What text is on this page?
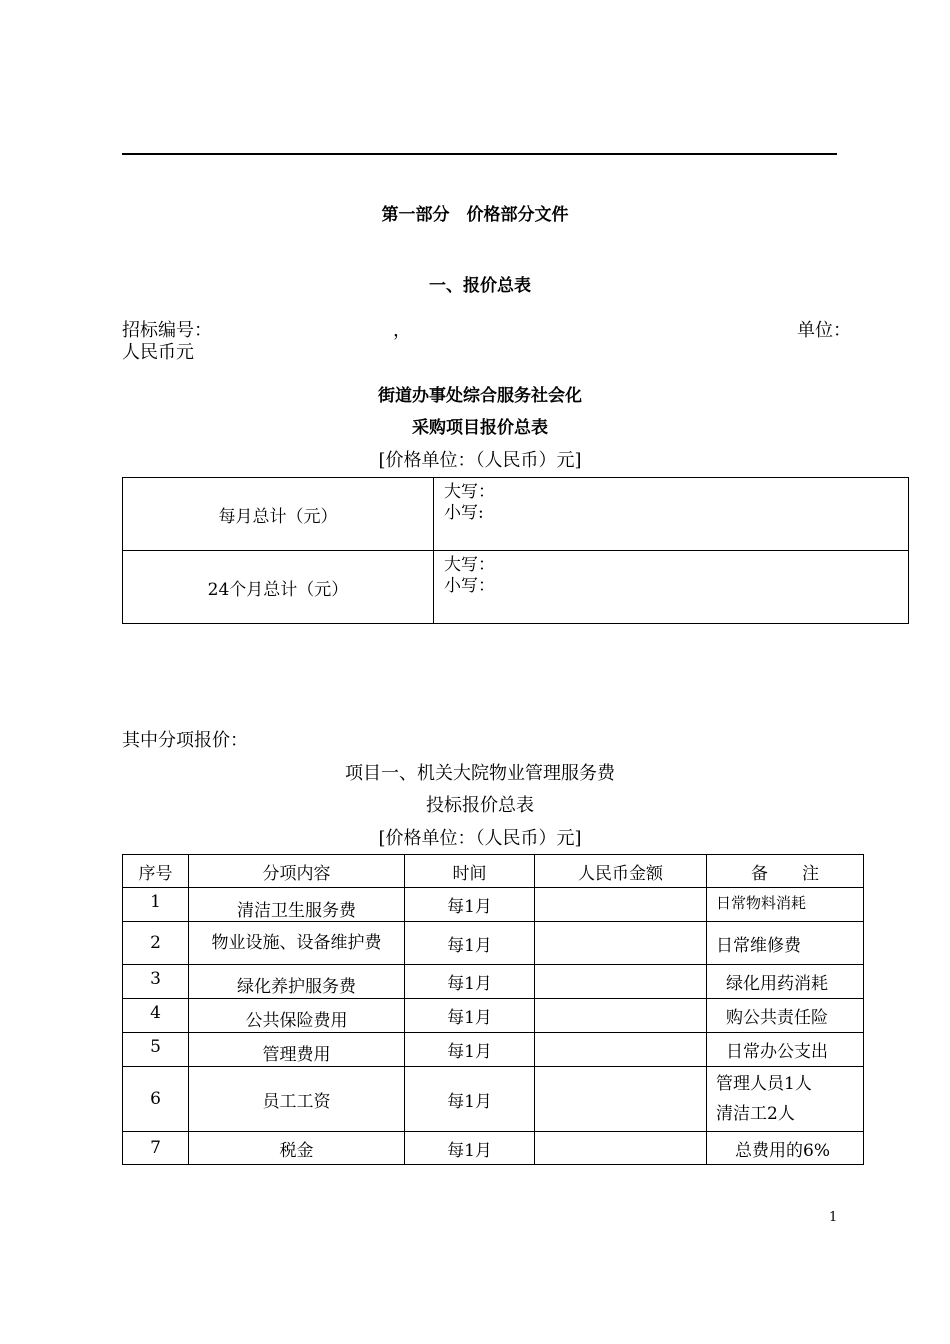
第一部分　价格部分文件
一、报价总表
招标编号：	，	单位：
人民币元
街道办事处综合服务社会化
采购项目报价总表
[价格单位：（人民币）元]
每月总计（元）	大写：
小写:

24个月总计（元）	大写：
小写：
其中分项报价：
项目一、机关大院物业管理服务费
投标报价总表
[价格单位：（人民币）元]
序号	分项内容	时间	人民币金额	备　　注
1	清洁卫生服务费	每1月		日常物料消耗
2	物业设施、设备维护费	每1月		日常维修费
3	绿化养护服务费	每1月		绿化用药消耗
4	公共保险费用	每1月		购公共责任险
5	管理费用	每1月		日常办公支出
6	员工工资	每1月		管理人员1人
清洁工2人

7	税金	每1月		总费用的6%
1
